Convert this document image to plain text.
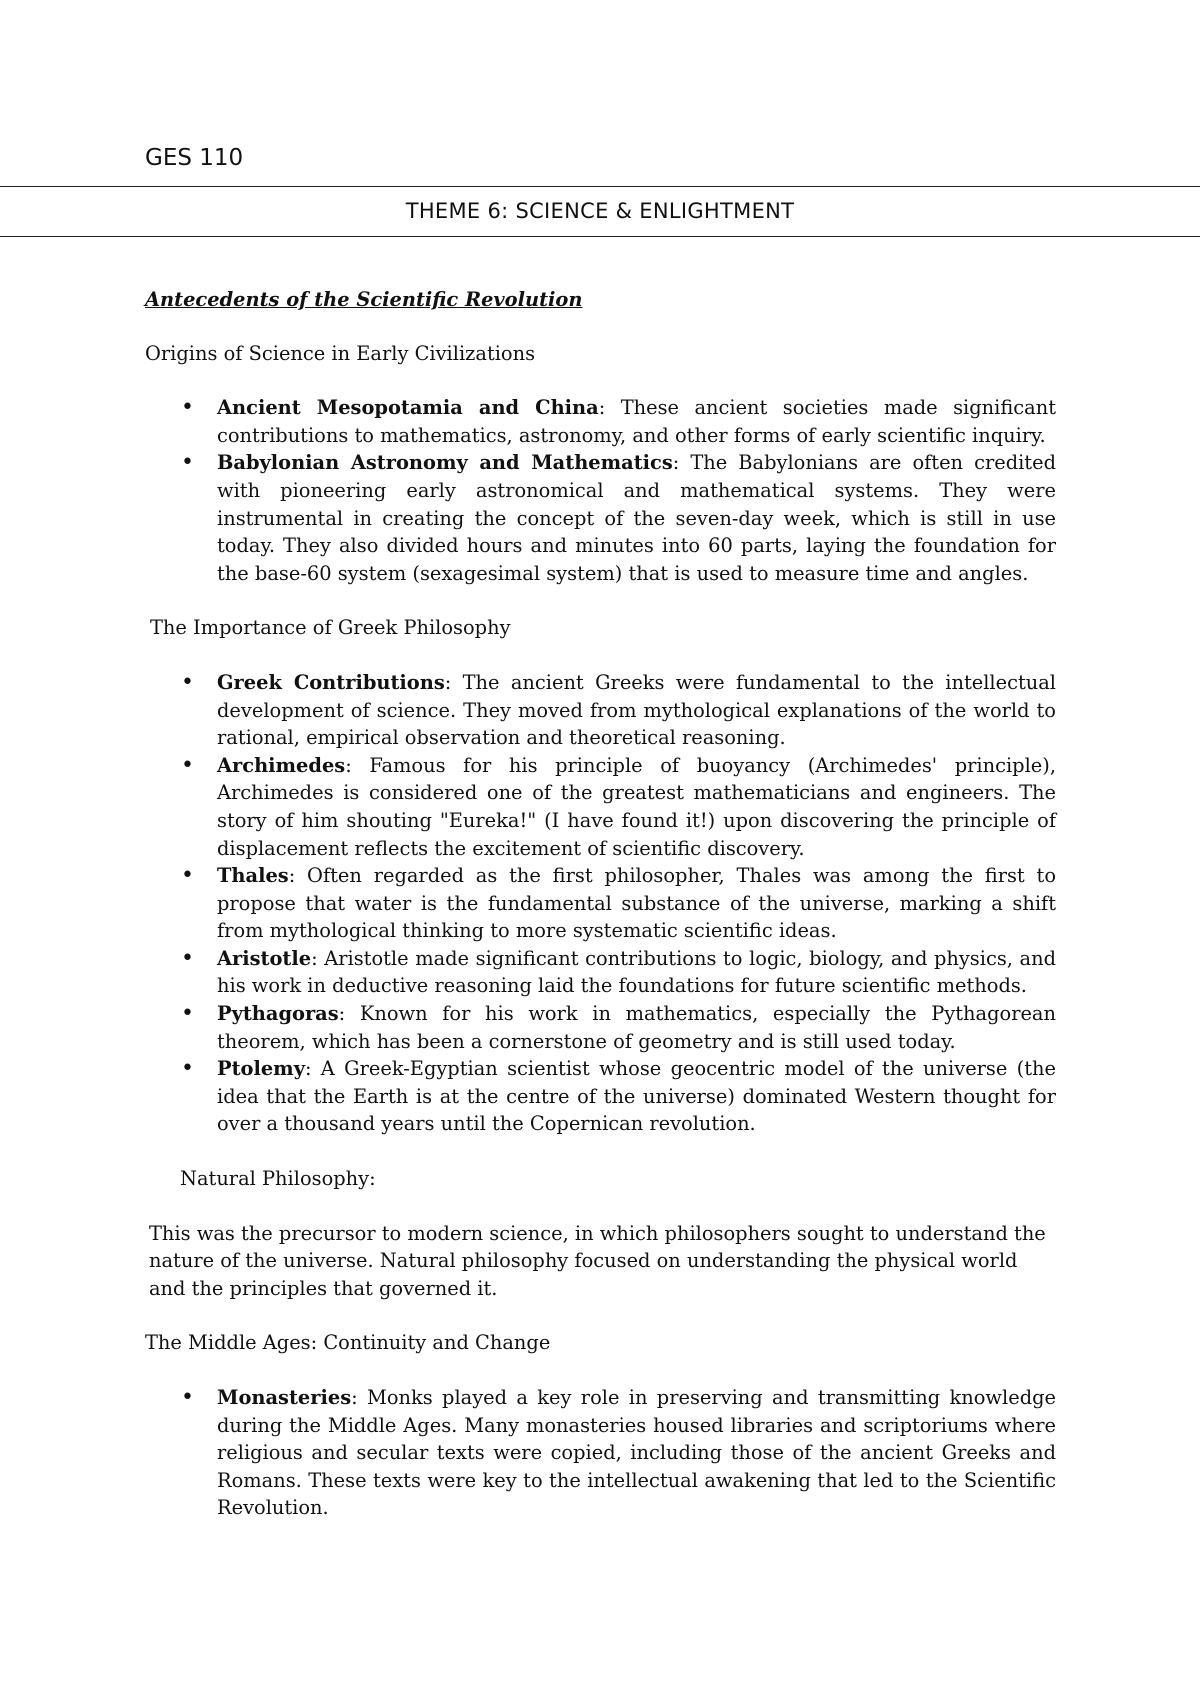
GES 110
THEME 6: SCIENCE & ENLIGHTMENT
Antecedents of the Scientific Revolution
Origins of Science in Early Civilizations
• Ancient Mesopotamia and China: These ancient societies made significant contributions to mathematics, astronomy, and other forms of early scientific inquiry.
• Babylonian Astronomy and Mathematics: The Babylonians are often credited with pioneering early astronomical and mathematical systems. They were instrumental in creating the concept of the seven-day week, which is still in use today. They also divided hours and minutes into 60 parts, laying the foundation for the base-60 system (sexagesimal system) that is used to measure time and angles.
The Importance of Greek Philosophy
• Greek Contributions: The ancient Greeks were fundamental to the intellectual development of science. They moved from mythological explanations of the world to rational, empirical observation and theoretical reasoning.
• Archimedes: Famous for his principle of buoyancy (Archimedes' principle), Archimedes is considered one of the greatest mathematicians and engineers. The story of him shouting "Eureka!" (I have found it!) upon discovering the principle of displacement reflects the excitement of scientific discovery.
• Thales: Often regarded as the first philosopher, Thales was among the first to propose that water is the fundamental substance of the universe, marking a shift from mythological thinking to more systematic scientific ideas.
• Aristotle: Aristotle made significant contributions to logic, biology, and physics, and his work in deductive reasoning laid the foundations for future scientific methods.
• Pythagoras: Known for his work in mathematics, especially the Pythagorean theorem, which has been a cornerstone of geometry and is still used today.
• Ptolemy: A Greek-Egyptian scientist whose geocentric model of the universe (the idea that the Earth is at the centre of the universe) dominated Western thought for over a thousand years until the Copernican revolution.
Natural Philosophy:

This was the precursor to modern science, in which philosophers sought to understand the nature of the universe. Natural philosophy focused on understanding the physical world and the principles that governed it.

The Middle Ages: Continuity and Change
• Monasteries: Monks played a key role in preserving and transmitting knowledge during the Middle Ages. Many monasteries housed libraries and scriptoriums where religious and secular texts were copied, including those of the ancient Greeks and Romans. These texts were key to the intellectual awakening that led to the Scientific Revolution.
